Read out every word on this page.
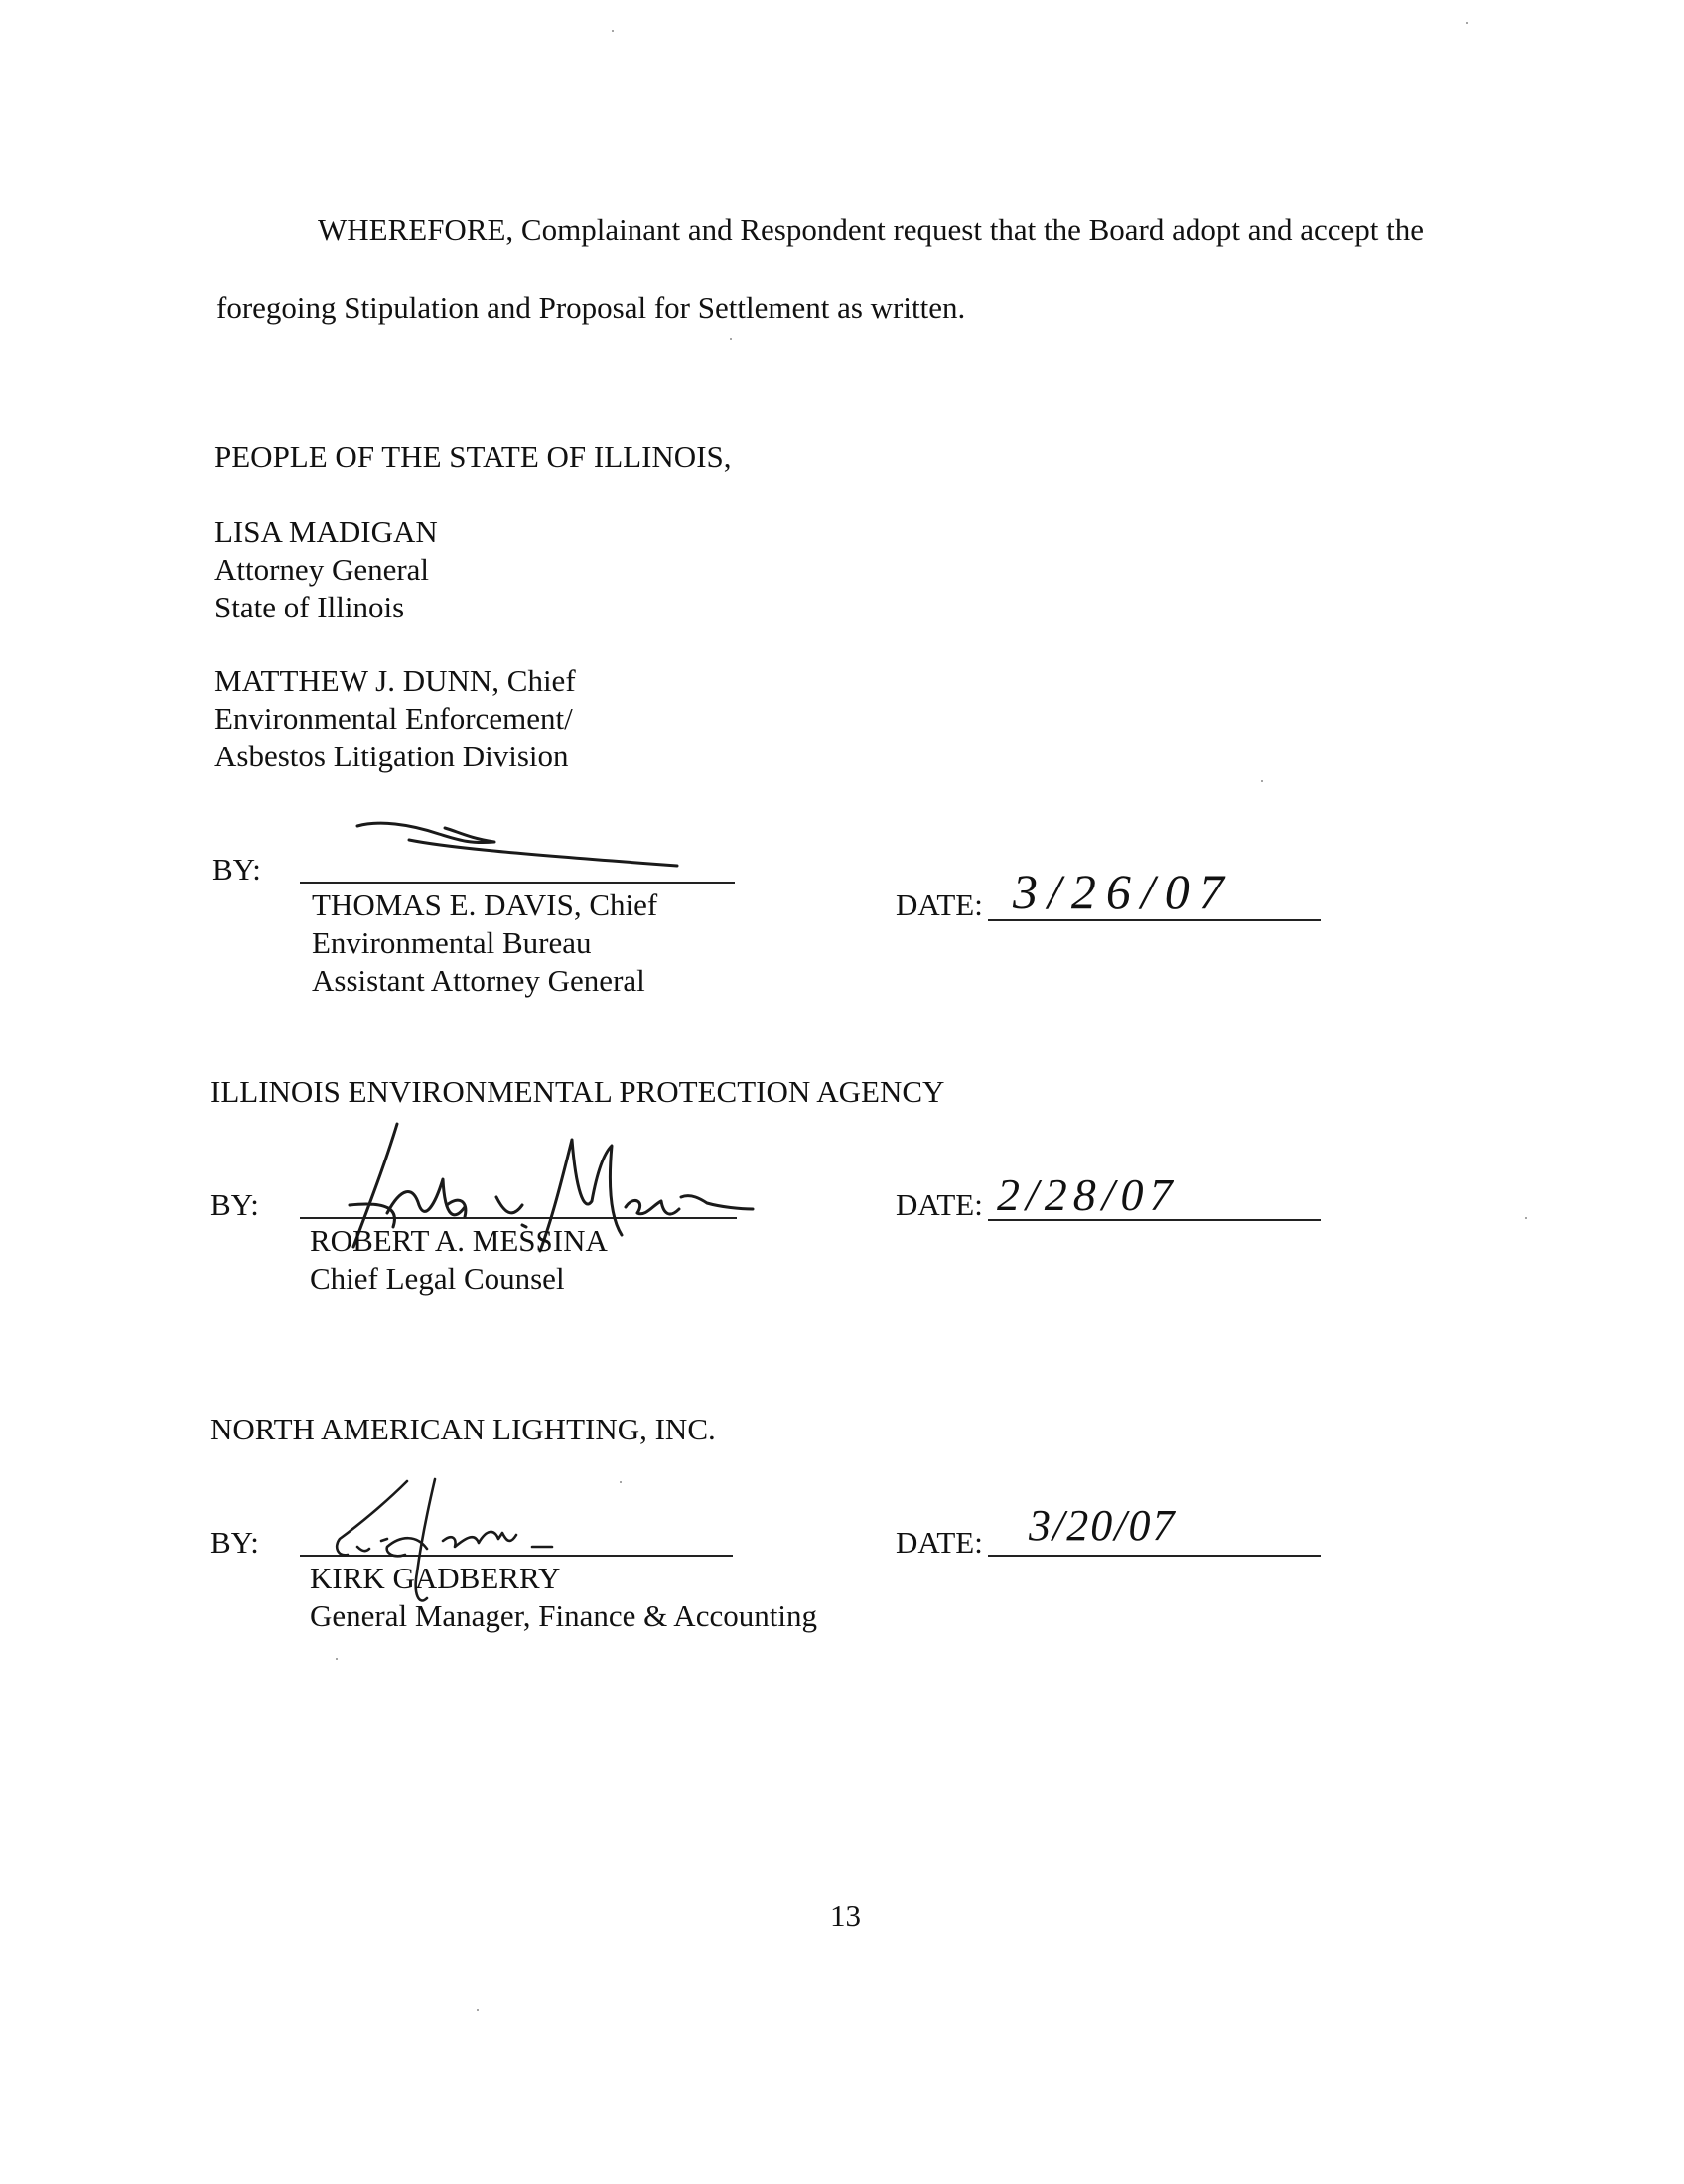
WHEREFORE, Complainant and Respondent request that the Board adopt and accept the
foregoing Stipulation and Proposal for Settlement as written.
PEOPLE OF THE STATE OF ILLINOIS,
LISA MADIGAN
Attorney General
State of Illinois
MATTHEW J. DUNN, Chief
Environmental Enforcement/
Asbestos Litigation Division
BY:
THOMAS E. DAVIS, Chief
Environmental Bureau
Assistant Attorney General
DATE: 3/26/07
ILLINOIS ENVIRONMENTAL PROTECTION AGENCY
BY:
ROBERT A. MESSINA
Chief Legal Counsel
DATE: 2/28/07
NORTH AMERICAN LIGHTING, INC.
BY:
KIRK GADBERRY
General Manager, Finance & Accounting
DATE: 3/20/07
13
